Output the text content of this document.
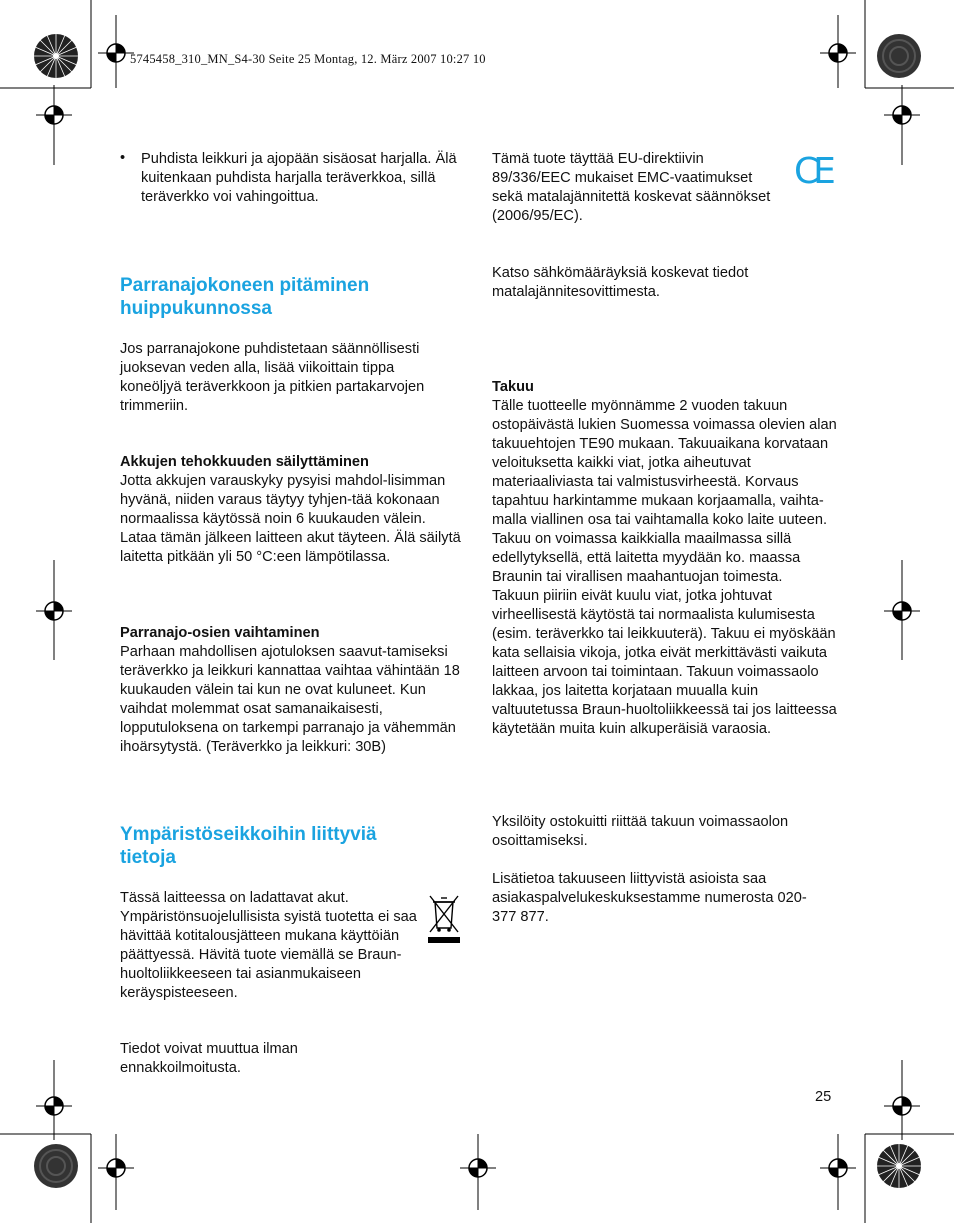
5745458_310_MN_S4-30 Seite 25 Montag, 12. März 2007 10:27 10
• Puhdista leikkuri ja ajopään sisäosat harjalla. Älä kuitenkaan puhdista harjalla teräverkkoa, sillä teräverkko voi vahingoittua.

Parranajokoneen pitäminen
huippukunnossa

Jos parranajokone puhdistetaan säännöllisesti juoksevan veden alla, lisää viikoittain tippa koneöljyä teräverkkoon ja pitkien partakarvojen trimmeriin.

Akkujen tehokkuuden säilyttäminen

Jotta akkujen varauskyky pysyisi mahdol-lisimman hyvänä, niiden varaus täytyy tyhjen-tää kokonaan normaalissa käytössä noin 6 kuukauden välein. Lataa tämän jälkeen laitteen akut täyteen. Älä säilytä laitetta pitkään yli 50 °C:een lämpötilassa.

Parranajo-osien vaihtaminen

Parhaan mahdollisen ajotuloksen saavut-tamiseksi teräverkko ja leikkuri kannattaa vaihtaa vähintään 18 kuukauden välein tai kun ne ovat kuluneet. Kun vaihdat molemmat osat samanaikaisesti, lopputuloksena on tarkempi parranajo ja vähemmän ihoärsytystä. (Teräverkko ja leikkuri: 30B)

Ympäristöseikkoihin liittyviä
tietoja

Tässä laitteessa on ladattavat akut. Ympäristönsuojelullisista syistä tuotetta ei saa hävittää kotitalousjätteen mukana käyttöiän päättyessä. Hävitä tuote viemällä se Braun-huoltoliikkeeseen tai asianmukaiseen keräyspisteeseen.

Tiedot voivat muuttua ilman ennakkoilmoitusta.

Tämä tuote täyttää EU-direktiivin 89/336/EEC mukaiset EMC-vaatimukset sekä matalajännitettä koskevat säännökset (2006/95/EC).

CE

Katso sähkömääräyksiä koskevat tiedot matalajännitesovittimesta.

Takuu

Tälle tuotteelle myönnämme 2 vuoden takuun ostopäivästä lukien Suomessa voimassa olevien alan takuuehtojen TE90 mukaan. Takuuaikana korvataan veloituksetta kaikki viat, jotka aiheutuvat materiaaliviasta tai valmistusvirheestä. Korvaus tapahtuu harkintamme mukaan korjaamalla, vaihta-malla viallinen osa tai vaihtamalla koko laite uuteen. Takuu on voimassa kaikkialla maailmassa sillä edellytyksellä, että laitetta myydään ko. maassa Braunin tai virallisen maahantuojan toimesta.

Takuun piiriin eivät kuulu viat, jotka johtuvat virheellisestä käytöstä tai normaalista kulumisesta (esim. teräverkko tai leikkuuterä). Takuu ei myöskään kata sellaisia vikoja, jotka eivät merkittävästi vaikuta laitteen arvoon tai toimintaan. Takuun voimassaolo lakkaa, jos laitetta korjataan muualla kuin valtuutetussa Braun-huoltoliikkeessä tai jos laitteessa käytetään muita kuin alkuperäisiä varaosia.

Yksilöity ostokuitti riittää takuun voimassaolon osoittamiseksi.

Lisätietoa takuuseen liittyvistä asioista saa asiakaspalvelukeskuksestamme numerosta 020-377 877.

25
